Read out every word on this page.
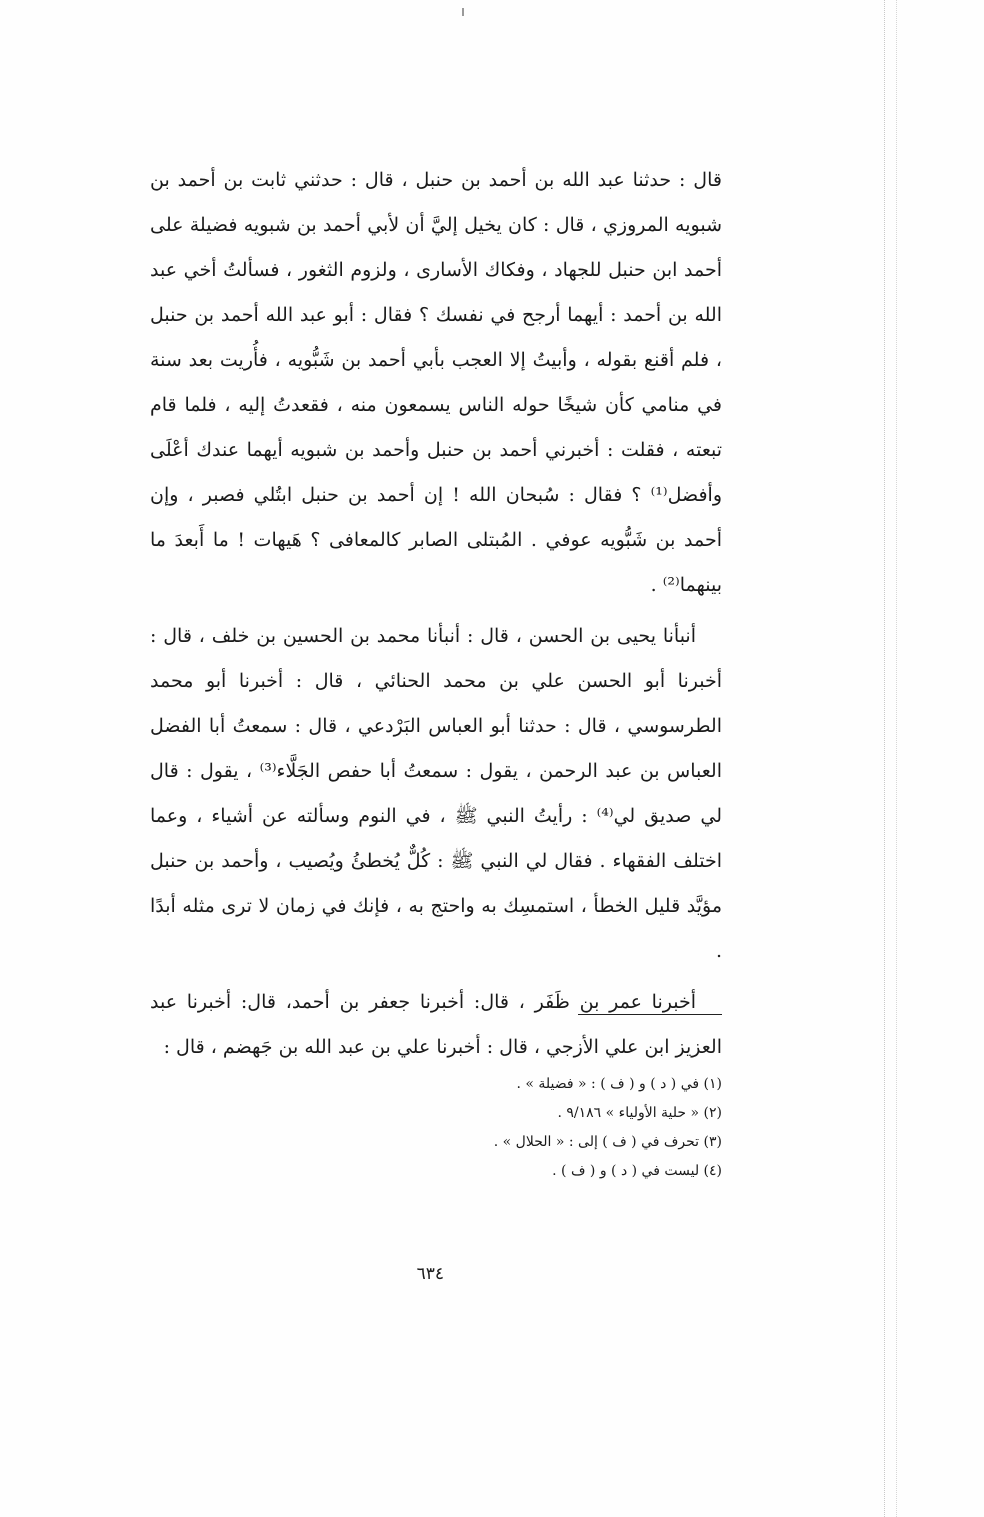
قال : حدثنا عبد الله بن أحمد بن حنبل ، قال : حدثني ثابت بن أحمد بن شبويه المروزي ، قال : كان يخيل إليَّ أن لأبي أحمد بن شبويه فضيلة على أحمد ابن حنبل للجهاد ، وفكاك الأسارى ، ولزوم الثغور ، فسألتُ أخي عبد الله بن أحمد : أيهما أرجح في نفسك ؟ فقال : أبو عبد الله أحمد بن حنبل ، فلم أقنع بقوله ، وأبيتُ إلا العجب بأبي أحمد بن شَبُّويه ، فأُريت بعد سنة في منامي كأن شيخًا حوله الناس يسمعون منه ، فقعدتُ إليه ، فلما قام تبعته ، فقلت : أخبرني أحمد بن حنبل وأحمد بن شبويه أيهما عندك أعْلَى وأفضل⁽¹⁾ ؟ فقال : سُبحان الله ! إن أحمد بن حنبل ابتُلي فصبر ، وإن أحمد بن شَبُّويه عوفي . المُبتلى الصابر كالمعافى ؟ هَيهات ! ما أَبعدَ ما بينهما⁽²⁾ .

أنبأنا يحيى بن الحسن ، قال : أنبأنا محمد بن الحسين بن خلف ، قال : أخبرنا أبو الحسن علي بن محمد الحنائي ، قال : أخبرنا أبو محمد الطرسوسي ، قال : حدثنا أبو العباس البَرْدعي ، قال : سمعتُ أبا الفضل العباس بن عبد الرحمن ، يقول : سمعتُ أبا حفص الجَلَّاء⁽³⁾ ، يقول : قال لي صديق لي⁽⁴⁾ : رأيتُ النبي ﷺ ، في النوم وسألته عن أشياء ، وعما اختلف الفقهاء . فقال لي النبي ﷺ : كُلٌّ يُخطئُ ويُصيب ، وأحمد بن حنبل مؤيَّد قليل الخطأ ، استمسِك به واحتج به ، فإنك في زمان لا ترى مثله أبدًا .

أخبرنا عمر بن ظَفَر ، قال: أخبرنا جعفر بن أحمد، قال: أخبرنا عبد العزيز ابن علي الأزجي ، قال : أخبرنا علي بن عبد الله بن جَهضم ، قال :

(١) في ( د ) و ( ف ) : « فضيلة » .
(٢) « حلية الأولياء » ٩/١٨٦ .
(٣) تحرف في ( ف ) إلى : « الحلال » .
(٤) ليست في ( د ) و ( ف ) .
٦٣٤
